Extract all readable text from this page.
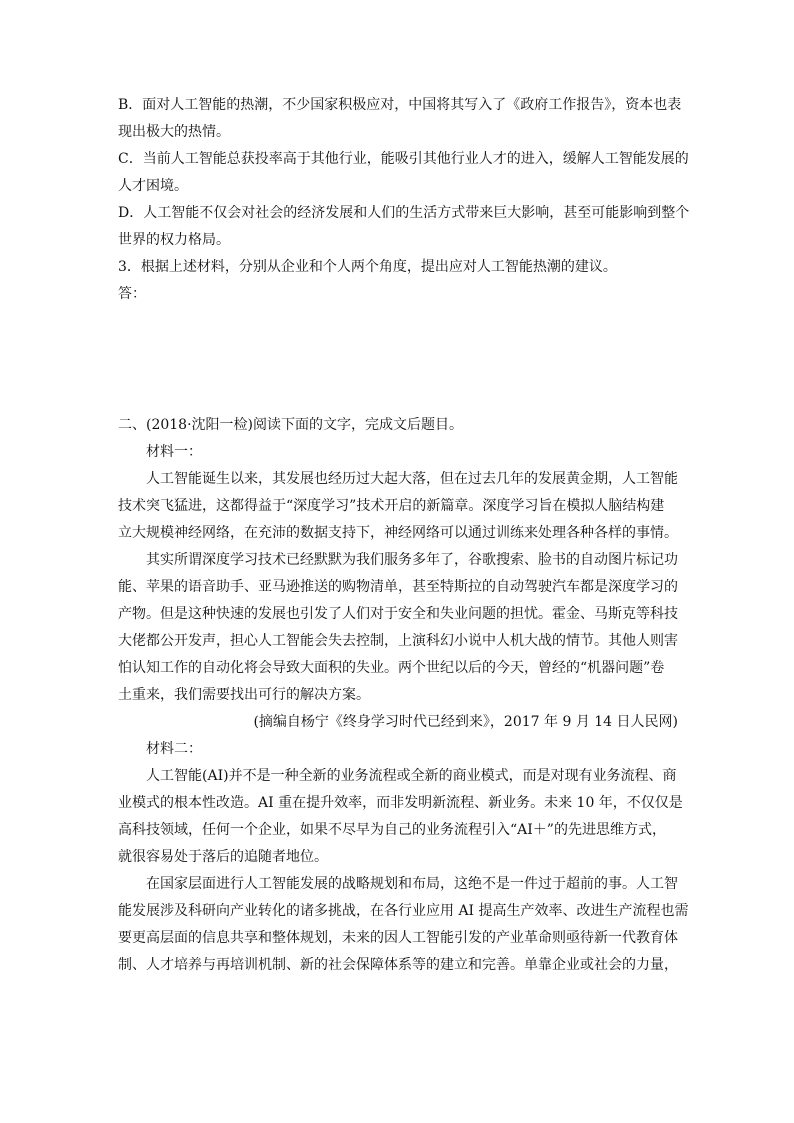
B．面对人工智能的热潮，不少国家积极应对，中国将其写入了《政府工作报告》，资本也表

现出极大的热情。

C．当前人工智能总获投率高于其他行业，能吸引其他行业人才的进入，缓解人工智能发展的

人才困境。

D．人工智能不仅会对社会的经济发展和人们的生活方式带来巨大影响，甚至可能影响到整个

世界的权力格局。

3．根据上述材料，分别从企业和个人两个角度，提出应对人工智能热潮的建议。

答：

二、(2018·沈阳一检)阅读下面的文字，完成文后题目。

材料一：

人工智能诞生以来，其发展也经历过大起大落，但在过去几年的发展黄金期，人工智能

技术突飞猛进，这都得益于“深度学习”技术开启的新篇章。深度学习旨在模拟人脑结构建

立大规模神经网络，在充沛的数据支持下，神经网络可以通过训练来处理各种各样的事情。

其实所谓深度学习技术已经默默为我们服务多年了，谷歌搜索、脸书的自动图片标记功

能、苹果的语音助手、亚马逊推送的购物清单，甚至特斯拉的自动驾驶汽车都是深度学习的

产物。但是这种快速的发展也引发了人们对于安全和失业问题的担忧。霍金、马斯克等科技

大佬都公开发声，担心人工智能会失去控制，上演科幻小说中人机大战的情节。其他人则害

怕认知工作的自动化将会导致大面积的失业。两个世纪以后的今天，曾经的“机器问题”卷

土重来，我们需要找出可行的解决方案。

(摘编自杨宁《终身学习时代已经到来》，2017 年 9 月 14 日人民网)

材料二：

人工智能(AI)并不是一种全新的业务流程或全新的商业模式，而是对现有业务流程、商

业模式的根本性改造。AI 重在提升效率，而非发明新流程、新业务。未来 10 年，不仅仅是

高科技领域，任何一个企业，如果不尽早为自己的业务流程引入“AI＋”的先进思维方式，

就很容易处于落后的追随者地位。

在国家层面进行人工智能发展的战略规划和布局，这绝不是一件过于超前的事。人工智

能发展涉及科研向产业转化的诸多挑战，在各行业应用 AI 提高生产效率、改进生产流程也需

要更高层面的信息共享和整体规划，未来的因人工智能引发的产业革命则亟待新一代教育体

制、人才培养与再培训机制、新的社会保障体系等的建立和完善。单靠企业或社会的力量，
